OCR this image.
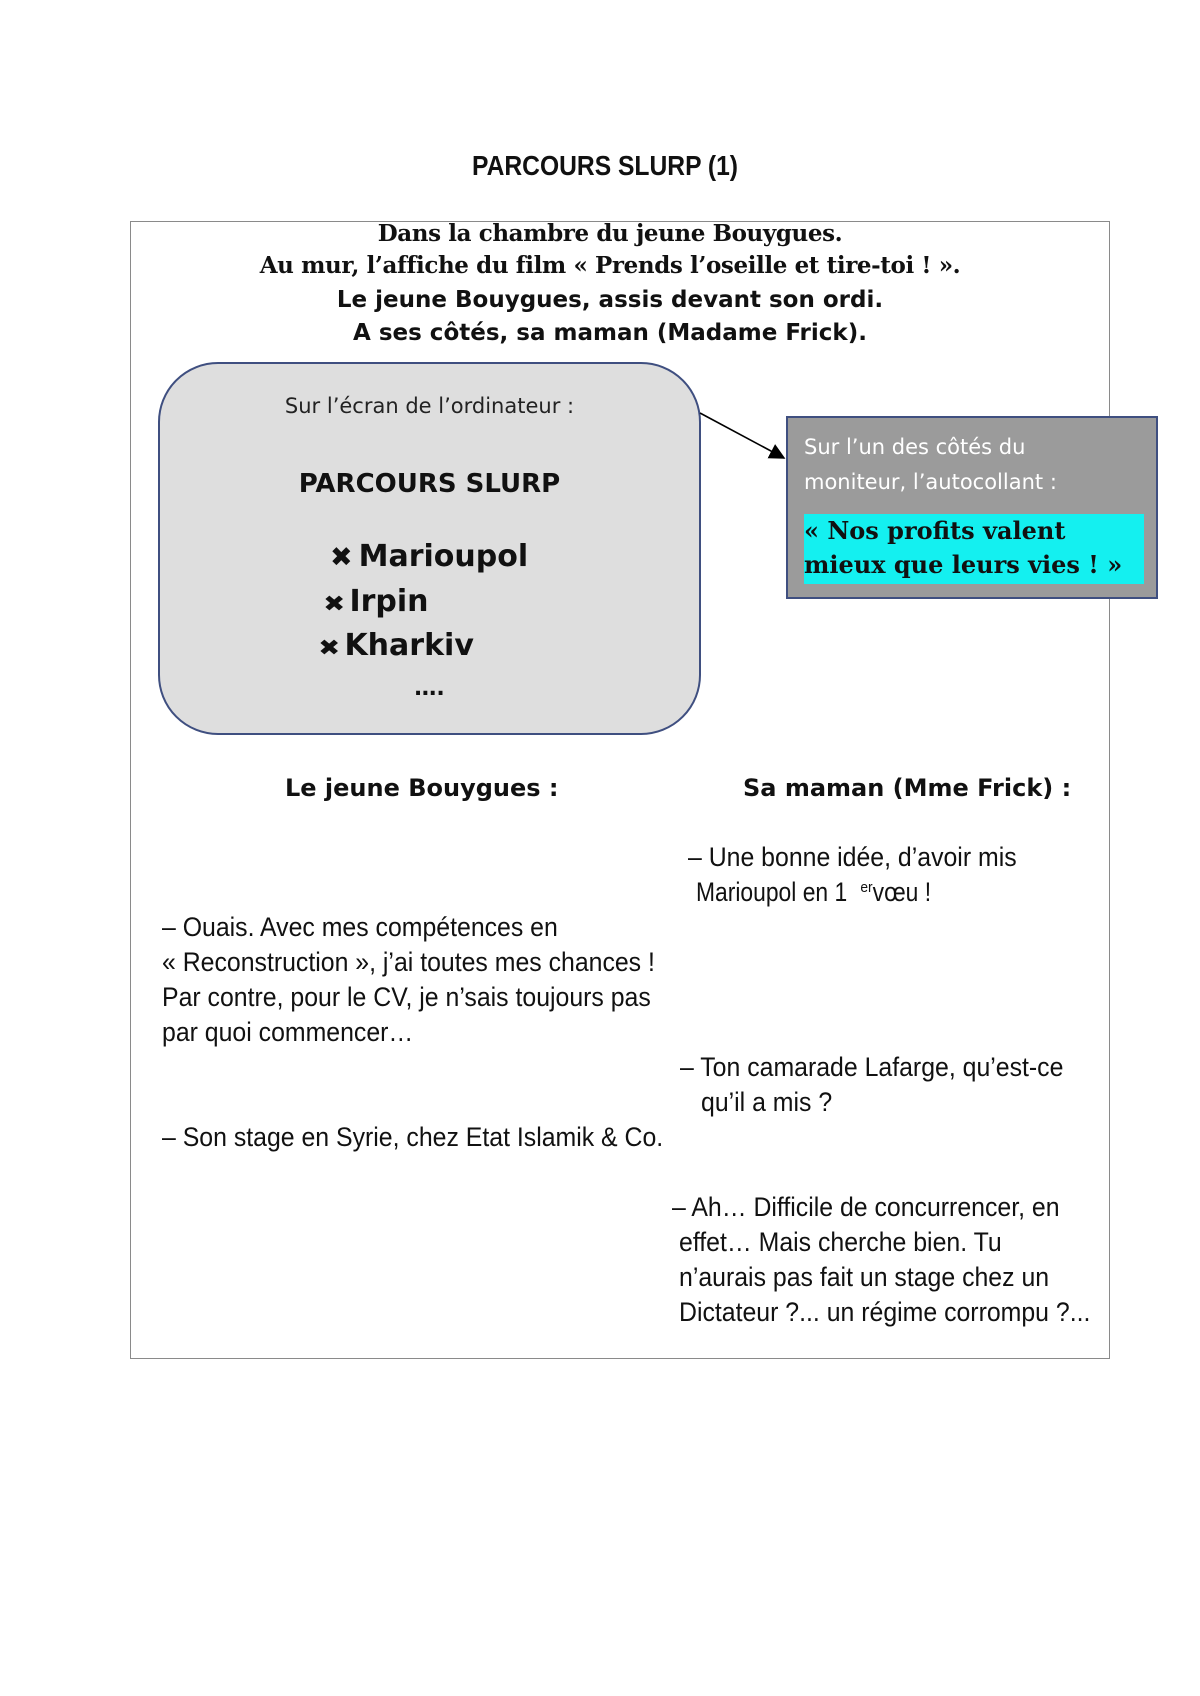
PARCOURS SLURP (1)
Dans la chambre du jeune Bouygues.
Au mur, l’affiche du film « Prends l’oseille et tire-toi ! ».
Le jeune Bouygues, assis devant son ordi.
A ses côtés, sa maman (Madame Frick).
Sur l’écran de l’ordinateur :
PARCOURS SLURP
✖ Marioupol
✖ Irpin
✖ Kharkiv
….
Sur l’un des côtés du
moniteur, l’autocollant :
« Nos profits valent
mieux que leurs vies ! »
Le jeune Bouygues :	Sa maman (Mme Frick) :
– Une bonne idée, d’avoir mis
Marioupol en 1 $^{er}$vœu !
– Ouais. Avec mes compétences en
« Reconstruction », j’ai toutes mes chances !
Par contre, pour le CV, je n’sais toujours pas
par quoi commencer…
– Ton camarade Lafarge, qu’est-ce
qu’il a mis ?
– Son stage en Syrie, chez Etat Islamik & Co.
– Ah… Difficile de concurrencer, en
effet… Mais cherche bien. Tu
n’aurais pas fait un stage chez un
Dictateur ?... un régime corrompu ?...
